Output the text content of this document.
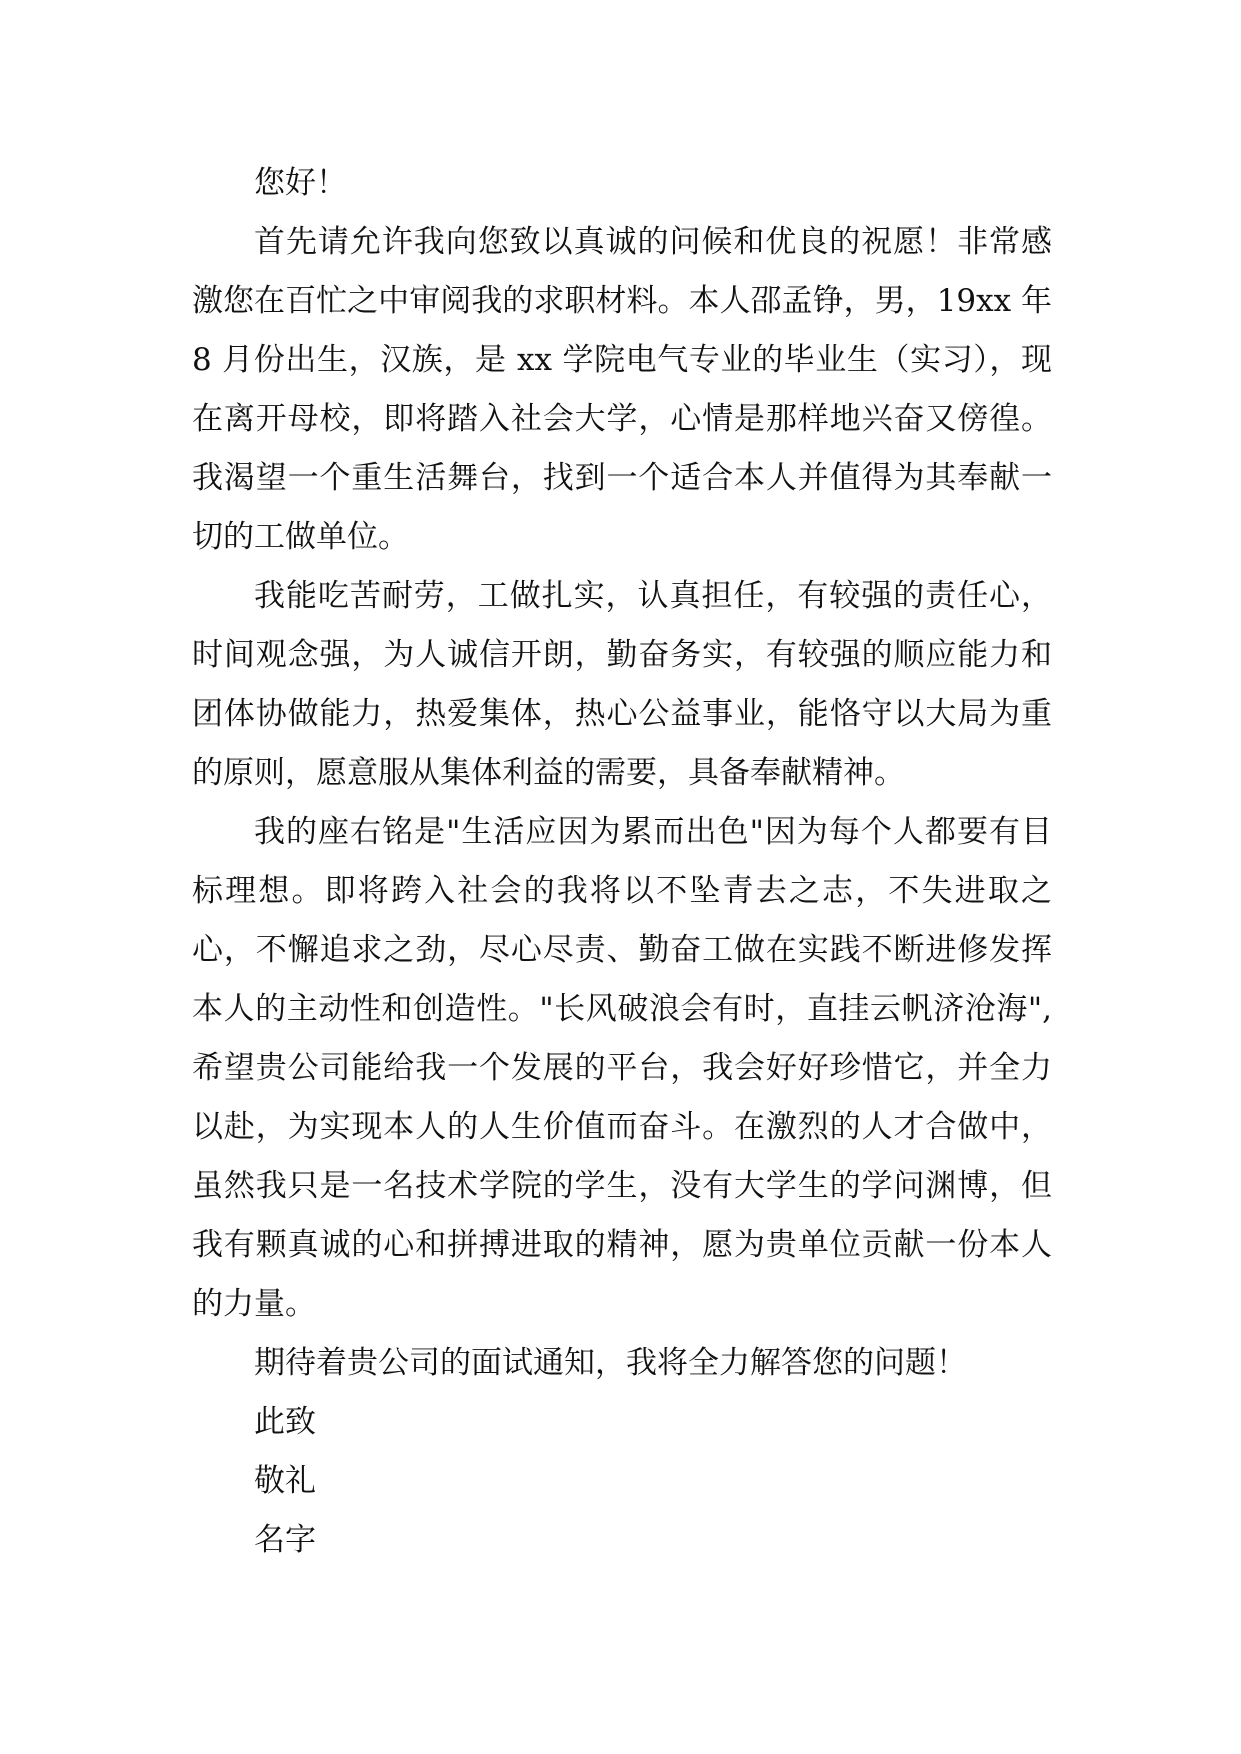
您好！

首先请允许我向您致以真诚的问候和优良的祝愿！非常感激您在百忙之中审阅我的求职材料。本人邵孟铮，男，19xx 年 8 月份出生，汉族，是 xx 学院电气专业的毕业生（实习），现在离开母校，即将踏入社会大学，心情是那样地兴奋又傍徨。我渴望一个重生活舞台，找到一个适合本人并值得为其奉献一切的工做单位。

我能吃苦耐劳，工做扎实，认真担任，有较强的责任心，时间观念强，为人诚信开朗，勤奋务实，有较强的顺应能力和团体协做能力，热爱集体，热心公益事业，能恪守以大局为重的原则，愿意服从集体利益的需要，具备奉献精神。

我的座右铭是"生活应因为累而出色"因为每个人都要有目标理想。即将跨入社会的我将以不坠青去之志，不失进取之心，不懈追求之劲，尽心尽责、勤奋工做在实践不断进修发挥本人的主动性和创造性。"长风破浪会有时，直挂云帆济沧海",希望贵公司能给我一个发展的平台，我会好好珍惜它，并全力以赴，为实现本人的人生价值而奋斗。在激烈的人才合做中，虽然我只是一名技术学院的学生，没有大学生的学问渊博，但我有颗真诚的心和拼搏进取的精神，愿为贵单位贡献一份本人的力量。

期待着贵公司的面试通知，我将全力解答您的问题！

此致

敬礼

名字
